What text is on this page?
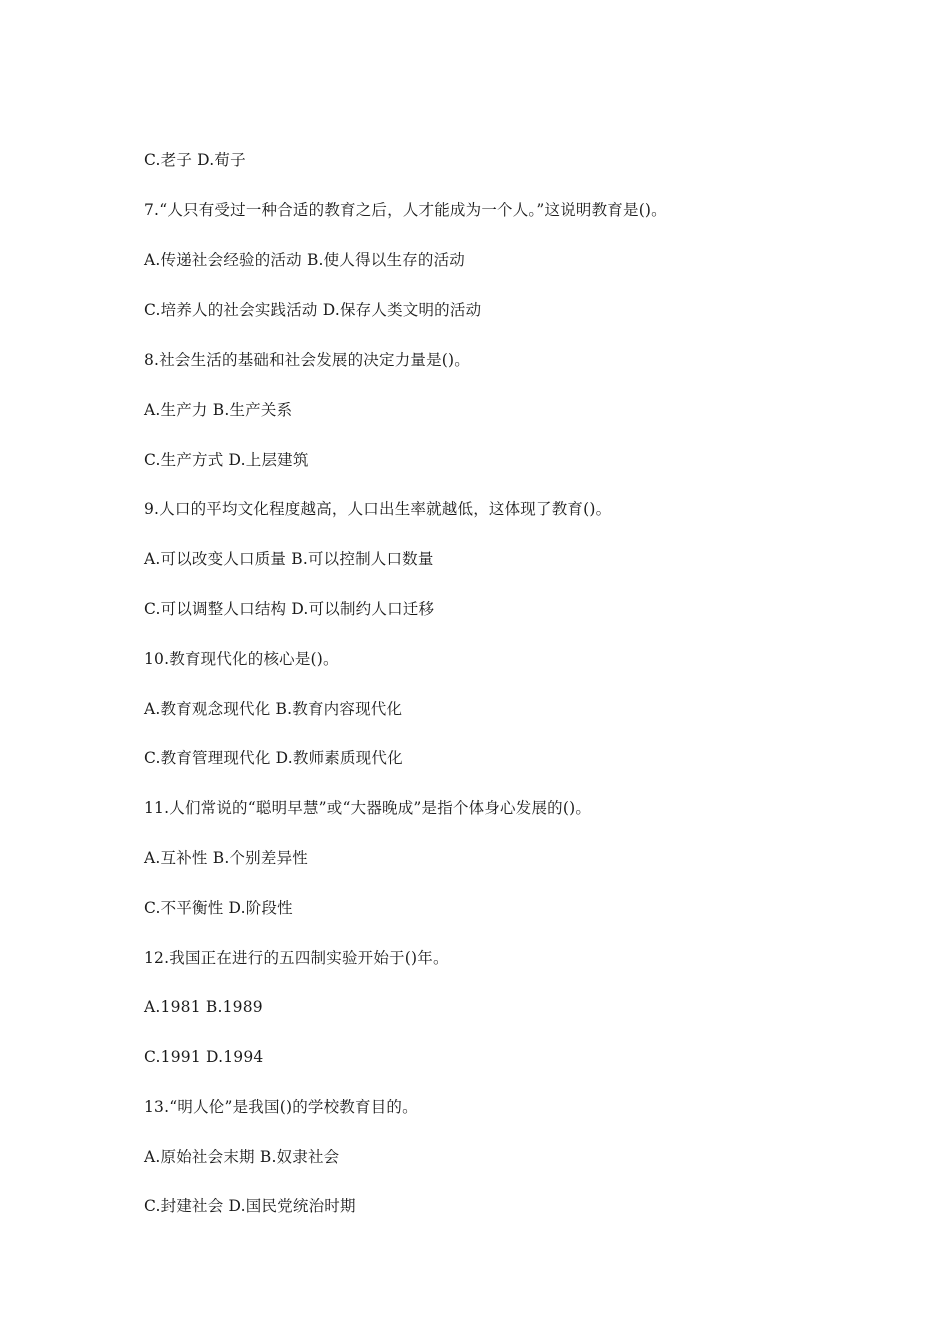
C.老子 D.荀子
7.“人只有受过一种合适的教育之后，人才能成为一个人。”这说明教育是()。
A.传递社会经验的活动 B.使人得以生存的活动
C.培养人的社会实践活动 D.保存人类文明的活动
8.社会生活的基础和社会发展的决定力量是()。
A.生产力 B.生产关系
C.生产方式 D.上层建筑
9.人口的平均文化程度越高，人口出生率就越低，这体现了教育()。
A.可以改变人口质量 B.可以控制人口数量
C.可以调整人口结构 D.可以制约人口迁移
10.教育现代化的核心是()。
A.教育观念现代化 B.教育内容现代化
C.教育管理现代化 D.教师素质现代化
11.人们常说的“聪明早慧”或“大器晚成”是指个体身心发展的()。
A.互补性 B.个别差异性
C.不平衡性 D.阶段性
12.我国正在进行的五四制实验开始于()年。
A.1981 B.1989
C.1991 D.1994
13.“明人伦”是我国()的学校教育目的。
A.原始社会末期 B.奴隶社会
C.封建社会 D.国民党统治时期
